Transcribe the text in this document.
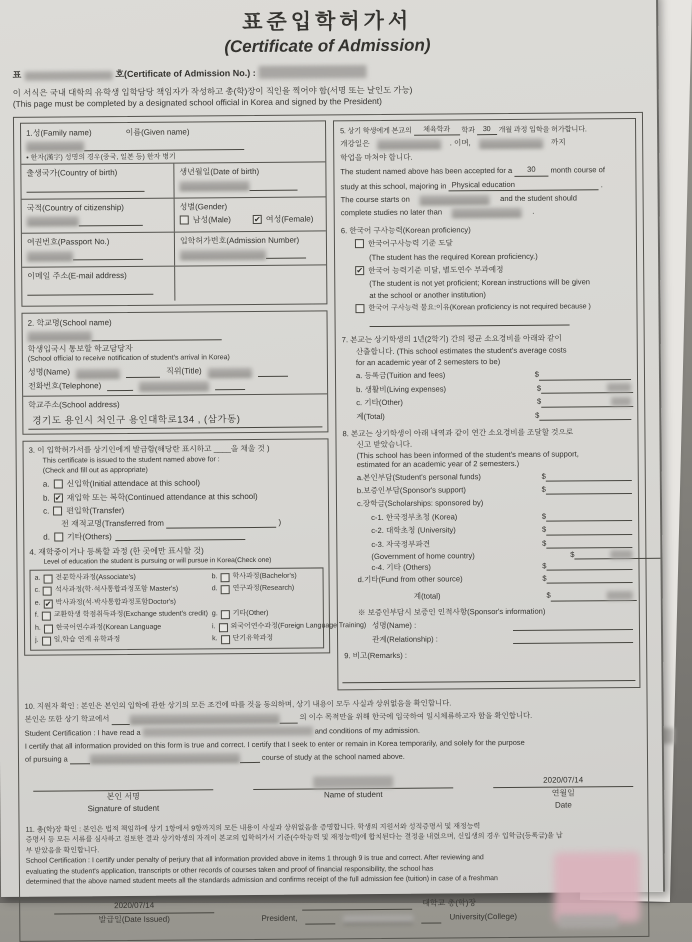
표준입학허가서
(Certificate of Admission)
표	호(Certificate of Admission No.) :
이 서식은 국내 대학의 유학생 입학담당 책임자가 작성하고 총(학)장이 직인을 찍어야 함(서명 또는 날인도 가능)
(This page must be completed by a designated school official in Korea and signed by the President)
1.성(Family name)	이름(Given name)
• 한자(漢字) 성명의 경우(중국, 일본 등) 한자 병기
출생국가(Country of birth)	생년월일(Date of birth)
국적(Country of citizenship)	성별(Gender)
남성(Male)	✔ 여성(Female)
여권번호(Passport No.)	입학허가번호(Admission Number)
이메일 주소(E-mail address)
2. 학교명(School name)
학생입국시 통보할 학교담당자
(School official to receive notification of student's arrival in Korea)
성명(Name)	직위(Title)
전화번호(Telephone)
학교주소(School address)
경기도 용인시 처인구 용인대학로134 , (삼가동)
3. 이 입학허가서를 상기인에게 발급함(해당란 표시하고 ____을 채울 것 )
This certificate is issued to the student named above for :
(Check and fill out as appropriate)
a. 신입학(Initial attendace at this school)
b. ✔ 재입학 또는 복학(Continued attendance at this school)
c. 편입학(Transfer)
전 재적교명(Transferred from	)
d. 기타(Others)
4. 재학중이거나 등록할 과정 (한 곳에만 표시할 것)
Level of education the student is pursuing or will pursue in Korea(Check one)
a. 전문학사과정(Associate's)	b. 학사과정(Bachelor's)
c. 석사과정(학·석사통합과정포함 Master's)	d. 연구과정(Research)
e. ✔ 박사과정(석·박사통합과정포함Doctor's)
f. 교환학생 학점취득과정(Exchange student's credit) g. 기타(Other)
h. 한국어연수과정(Korean Language	i. 외국어연수과정(Foreign Language Training)
j. 일,학습 연계 유학과정	k. 단기유학과정
5. 상기 학생에게 본교의 체육학과 학과 30 개월 과정 입학을 허가합니다.
개강일은	. 이며,	까지
학업을 마쳐야 합니다.
The student named above has been accepted for a 30 month course of
study at this school, majoring in Physical education	.
The course starts on	and the student should
complete studies no later than	.
6. 한국어 구사능력(Korean proficiency)
한국어구사능력 기준 도달
(The student has the required Korean proficiency.)
✔ 한국어 능력기준 미달, 별도연수 부과예정
(The student is not yet proficient; Korean instructions will be given
at the school or another institution)
한국어 구사능력 불요:이유(Korean proficiency is not required because )
7. 본교는 상기학생의 1년(2학기) 간의 평균 소요경비를 아래와 같이
산출합니다. (This school estimates the student's average costs
for an academic year of 2 semesters to be)
a. 등록금(Tuition and fees)	$
b. 생활비(Living expenses)	$
c. 기타(Other)	$
계(Total)	$
8. 본교는 상기학생이 아래 내역과 같이 연간 소요경비를 조달할 것으로
신고 받았습니다.
(This school has been informed of the student's means of support,
estimated for an academic year of 2 semesters.)
a.본인부담(Student's personal funds)	$
b.보증인부담(Sponsor's support)	$
c.장학금(Scholarships: sponsored by)
c-1. 한국정부초청 (Korea)	$
c-2. 대학초청 (University)	$
c-3. 자국정부파견	$
(Government of home country)	$
c-4. 기타 (Others)	$
d.기타(Fund from other source)	$
계(total)	$
※ 보증인부담시 보증인 인적사항(Sponsor's information)
성명(Name) :
관계(Relationship) :
9. 비고(Remarks) :
10. 지원자 확인 : 본인은 본인의 입학에 관한 상기의 모든 조건에 따를 것을 동의하며, 상기 내용이 모두 사실과 상위없음을 확인합니다.
본인은 또한 상기 학교에서	의 이수 목적만을 위해 한국에 입국하여 일시체류하고자 함을 확인합니다.
Student Certification : I have read a	and conditions of my admission.
I certify that all information provided on this form is true and correct. I certify that I seek to enter or remain in Korea temporarily, and solely for the purpose
of pursuing a	course of study at the school named above.
본인 서명
Signature of student
Name of student
2020/07/14
연월일
Date
11. 총(학)장 확인 : 본인은 법적 책임하에 상기 1항에서 9항까지의 모든 내용이 사실과 상위없음을 증명합니다. 학생의 지원서와 성적증명서 및 재정능력
증명서 등 모든 서류를 심사하고 검토한 결과 상기학생의 자격이 본교의 입학허가서 기준(수학능력 및 재정능력)에 합치된다는 결정을 내렸으며, 신입생의 경우 입학금(등록금)을 납
부 받았음을 확인합니다.
School Certification : I certify under penalty of perjury that all information provided above in items 1 through 9 is true and correct. After reviewing and
evaluating the student's application, transcripts or other records of courses taken and proof of financial responsibility, the school has
determined that the above named student meets all the standards admission and confirms receipt of the full admission fee (tuition) in case of a freshman
2020/07/14
발급일(Date Issued)
대학교 총(학)장
President,	University(College)
